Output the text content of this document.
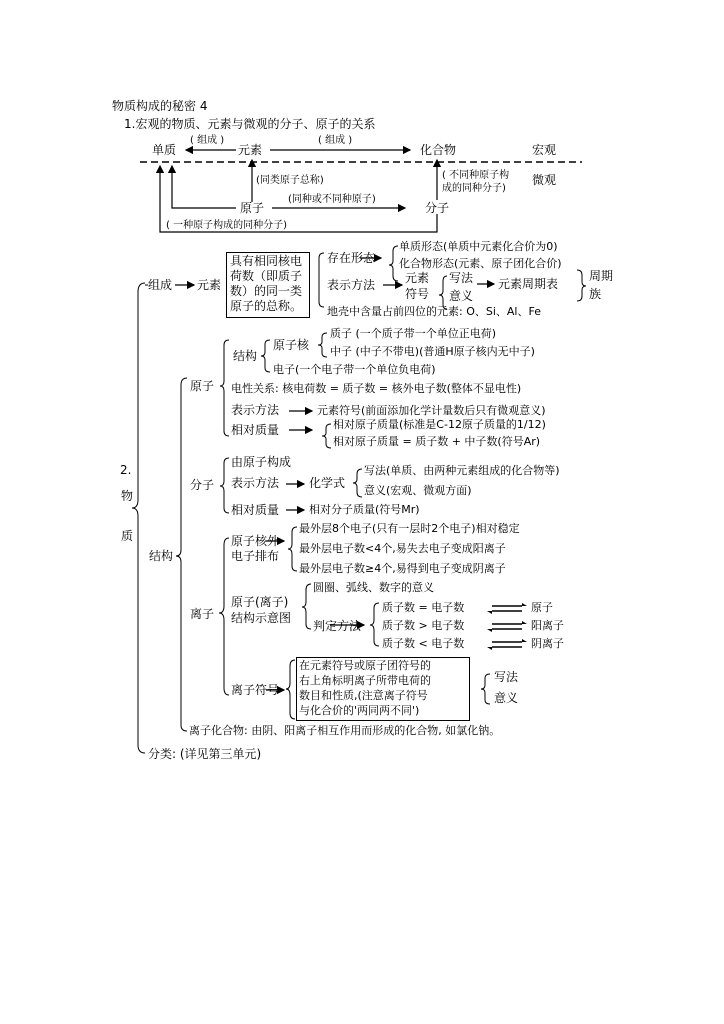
物质构成的秘密 4
1.宏观的物质、元素与微观的分子、原子的关系
单质	元素	化合物	宏观
微观
( 组成 )	( 组成 )
(同类原子总称)
原子	分子
(同种或不同种原子)
( 不同种原子构
成的同种分子)
( 一种原子构成的同种分子)
2.
物
质
组成 元素
具有相同核电
荷数（即质子
数）的同一类
原子的总称。
存在形态
单质形态(单质中元素化合价为0)
化合物形态(元素、原子团化合价)
表示方法 元素
符号
写法
意义
元素周期表
周期
族
地壳中含量占前四位的元素: O、Si、Al、Fe
结构
原子
结构
原子核
质子 (一个质子带一个单位正电荷)
中子 (中子不带电)(普通H原子核内无中子)
电子(一个电子带一个单位负电荷)
电性关系: 核电荷数 = 质子数 = 核外电子数(整体不显电性)
表示方法	元素符号(前面添加化学计量数后只有微观意义)
相对质量	相对原子质量(标准是C-12原子质量的1/12)
相对原子质量 = 质子数 + 中子数(符号Ar)
分子
由原子构成
表示方法 化学式
写法(单质、由两种元素组成的化合物等)
意义(宏观、微观方面)
相对质量	相对分子质量(符号Mr)
离子
原子核外
电子排布
最外层8个电子(只有一层时2个电子)相对稳定
最外层电子数<4个,易失去电子变成阳离子
最外层电子数≥4个,易得到电子变成阴离子
原子(离子)
结构示意图
圆圈、弧线、数字的意义
判定方法
质子数 = 电子数	原子
质子数 > 电子数	阳离子
质子数 < 电子数	阴离子
离子符号
在元素符号或原子团符号的
右上角标明离子所带电荷的
数目和性质,(注意离子符号
与化合价的'两同两不同')
写法
意义
离子化合物: 由阴、阳离子相互作用而形成的化合物, 如氯化钠。
分类: (详见第三单元)
